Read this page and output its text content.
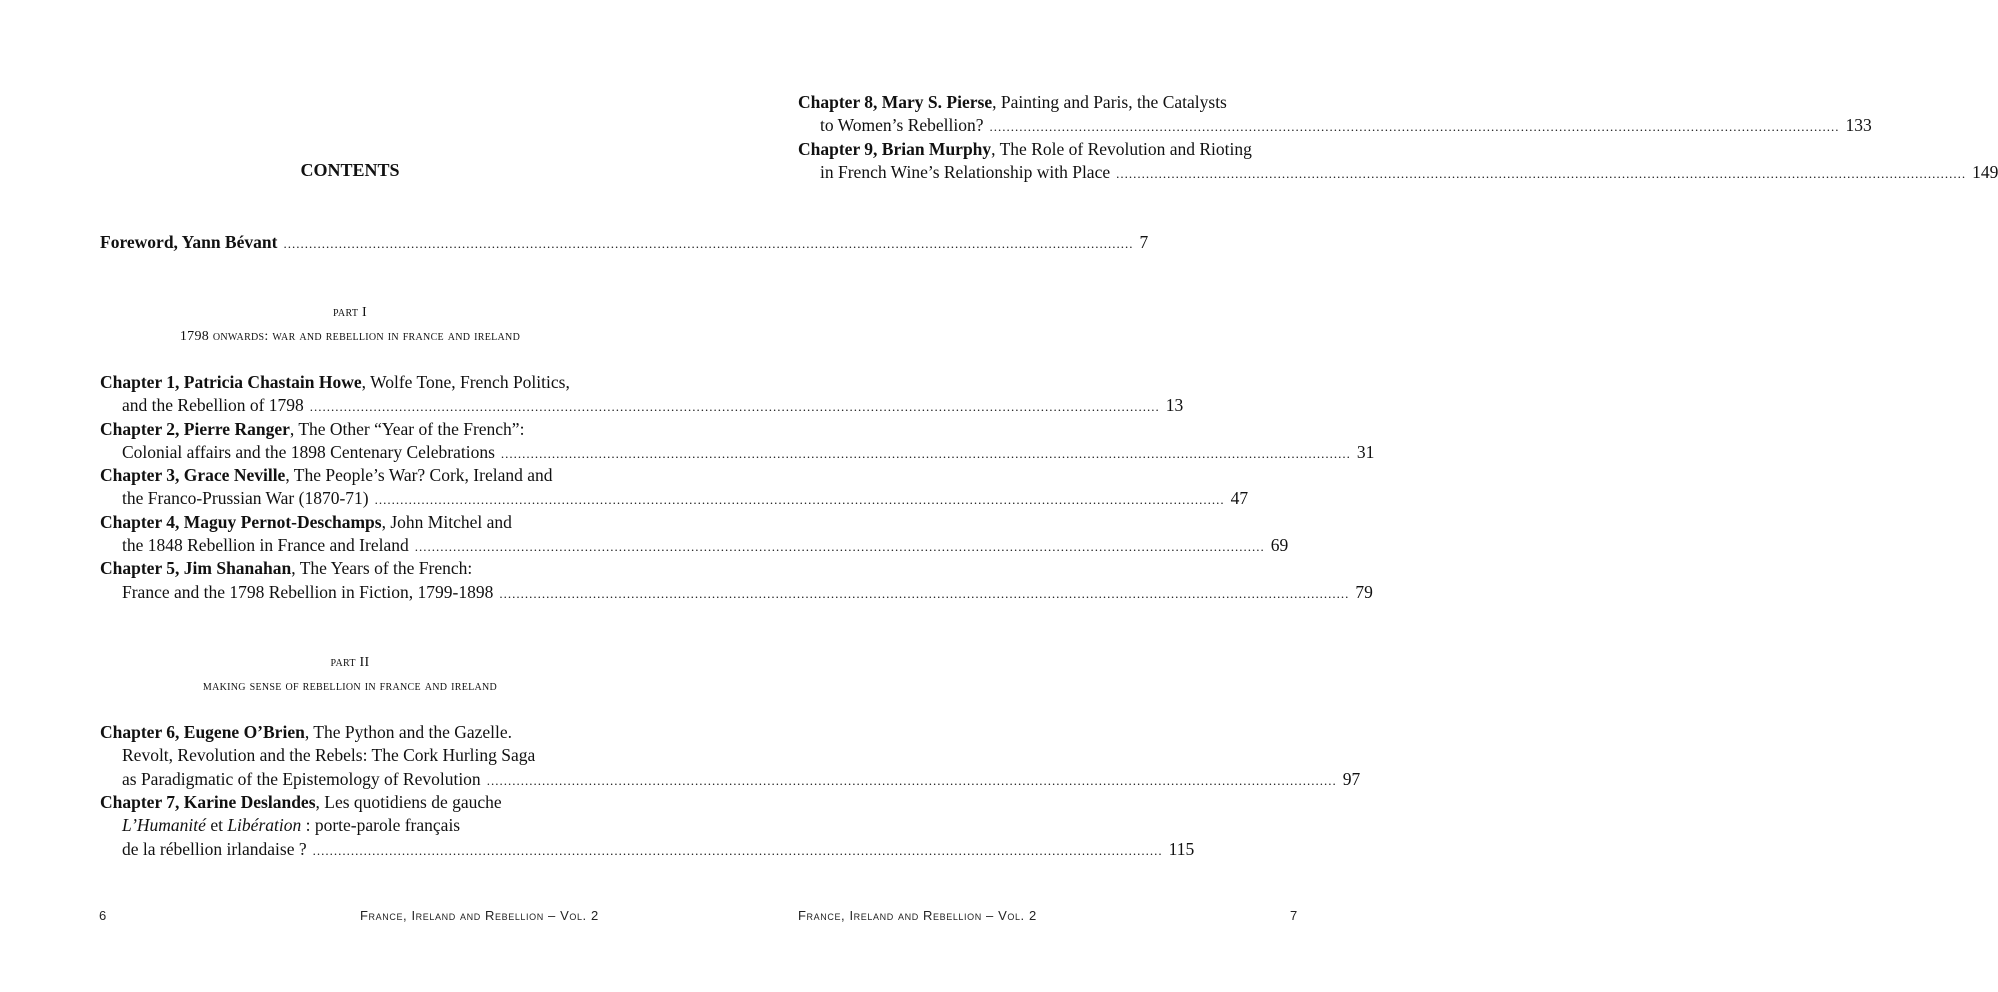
CONTENTS
Foreword, Yann Bévant ........................................................................................................................................................................................................ 7
part I
1798 onwards: war and rebellion in france and ireland
Chapter 1, Patricia Chastain Howe, Wolfe Tone, French Politics,
and the Rebellion of 1798 ........................................................................................................................................................................................................ 13
Chapter 2, Pierre Ranger, The Other “Year of the French”:
Colonial affairs and the 1898 Centenary Celebrations ........................................................................................................................................................................................................ 31
Chapter 3, Grace Neville, The People’s War? Cork, Ireland and
the Franco-Prussian War (1870-71) ........................................................................................................................................................................................................ 47
Chapter 4, Maguy Pernot-Deschamps, John Mitchel and
the 1848 Rebellion in France and Ireland ........................................................................................................................................................................................................ 69
Chapter 5, Jim Shanahan, The Years of the French:
France and the 1798 Rebellion in Fiction, 1799-1898 ........................................................................................................................................................................................................ 79
part II
making sense of rebellion in france and ireland
Chapter 6, Eugene O’Brien, The Python and the Gazelle.
Revolt, Revolution and the Rebels: The Cork Hurling Saga
as Paradigmatic of the Epistemology of Revolution ........................................................................................................................................................................................................ 97
Chapter 7, Karine Deslandes, Les quotidiens de gauche
L’Humanité et Libération : porte-parole français
de la rébellion irlandaise ? ........................................................................................................................................................................................................ 115
6	France, Ireland and Rebellion – Vol. 2
Chapter 8, Mary S. Pierse, Painting and Paris, the Catalysts
to Women’s Rebellion? ........................................................................................................................................................................................................ 133
Chapter 9, Brian Murphy, The Role of Revolution and Rioting
in French Wine’s Relationship with Place ........................................................................................................................................................................................................ 149
France, Ireland and Rebellion – Vol. 2	7
